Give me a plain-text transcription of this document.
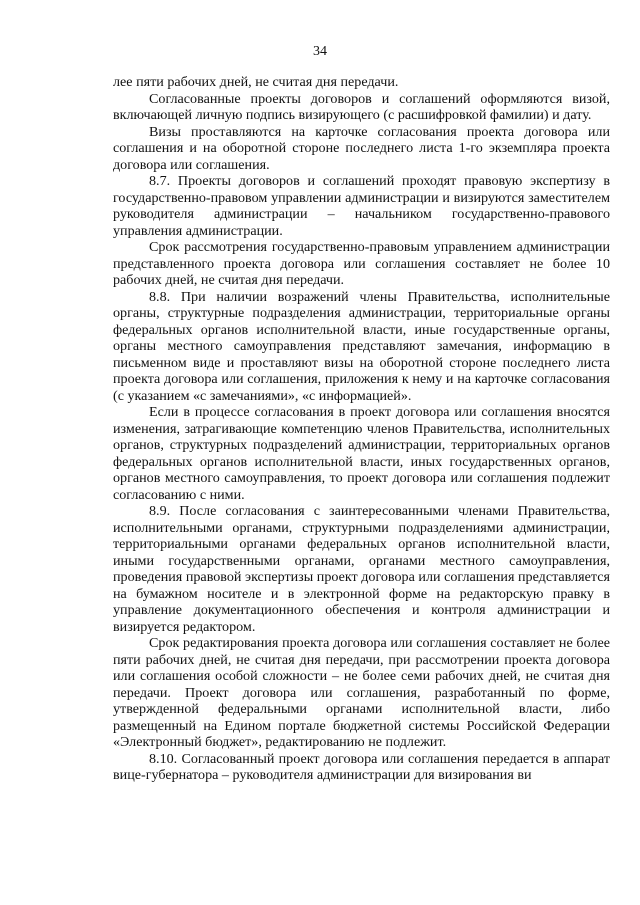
34

лее пяти рабочих дней, не считая дня передачи.

Согласованные проекты договоров и соглашений оформляются визой, включающей личную подпись визирующего (с расшифровкой фамилии) и дату.

Визы проставляются на карточке согласования проекта договора или соглашения и на оборотной стороне последнего листа 1-го экземпляра проекта договора или соглашения.

8.7. Проекты договоров и соглашений проходят правовую экспертизу в государственно-правовом управлении администрации и визируются заместителем руководителя администрации – начальником государственно-правового управления администрации.

Срок рассмотрения государственно-правовым управлением администрации представленного проекта договора или соглашения составляет не более 10 рабочих дней, не считая дня передачи.

8.8. При наличии возражений члены Правительства, исполнительные органы, структурные подразделения администрации, территориальные органы федеральных органов исполнительной власти, иные государственные органы, органы местного самоуправления представляют замечания, информацию в письменном виде и проставляют визы на оборотной стороне последнего листа проекта договора или соглашения, приложения к нему и на карточке согласования (с указанием «с замечаниями», «с информацией».

Если в процессе согласования в проект договора или соглашения вносятся изменения, затрагивающие компетенцию членов Правительства, исполнительных органов, структурных подразделений администрации, территориальных органов федеральных органов исполнительной власти, иных государственных органов, органов местного самоуправления, то проект договора или соглашения подлежит согласованию с ними.

8.9. После согласования с заинтересованными членами Правительства, исполнительными органами, структурными подразделениями администрации, территориальными органами федеральных органов исполнительной власти, иными государственными органами, органами местного самоуправления, проведения правовой экспертизы проект договора или соглашения представляется на бумажном носителе и в электронной форме на редакторскую правку в управление документационного обеспечения и контроля администрации и визируется редактором.

Срок редактирования проекта договора или соглашения составляет не более пяти рабочих дней, не считая дня передачи, при рассмотрении проекта договора или соглашения особой сложности – не более семи рабочих дней, не считая дня передачи. Проект договора или соглашения, разработанный по форме, утвержденной федеральными органами исполнительной власти, либо размещенный на Едином портале бюджетной системы Российской Федерации «Электронный бюджет», редактированию не подлежит.

8.10. Согласованный проект договора или соглашения передается в аппарат вице-губернатора – руководителя администрации для визирования ви
